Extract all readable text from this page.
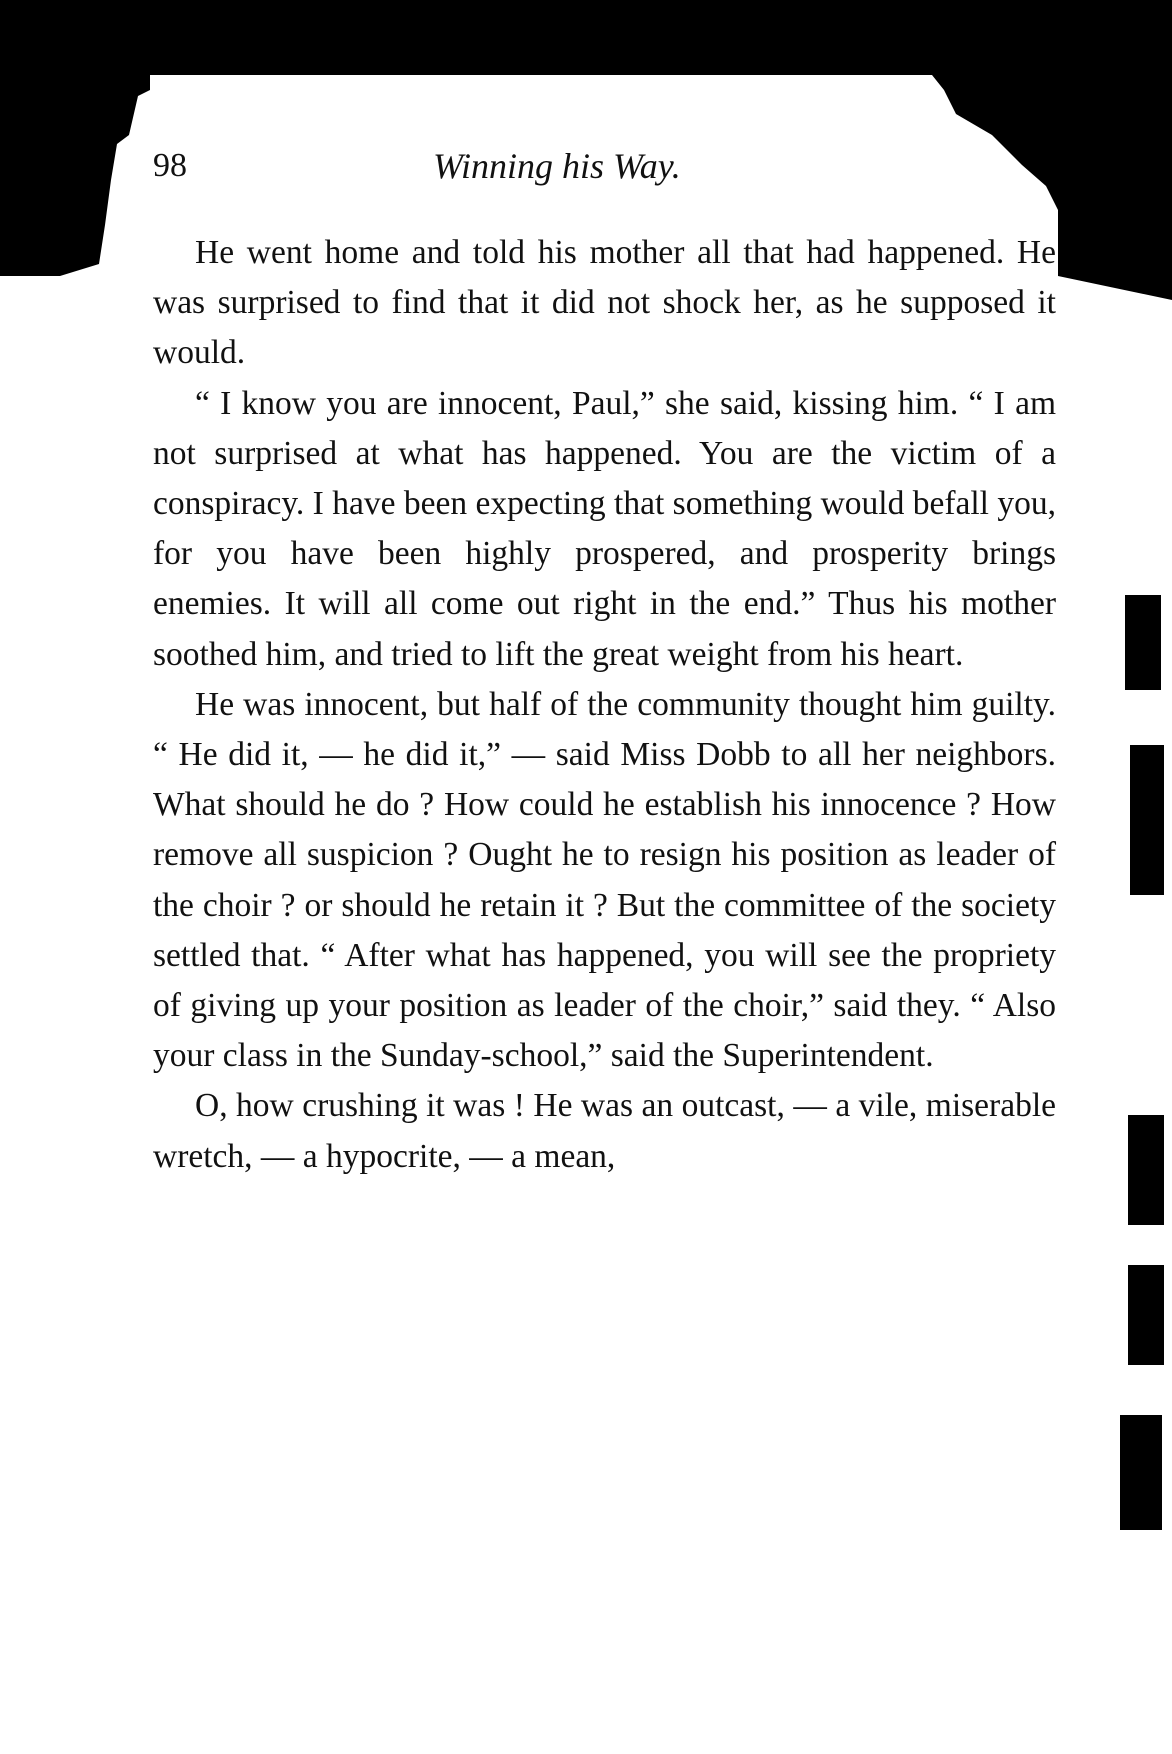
98	Winning his Way.

He went home and told his mother all that had happened. He was surprised to find that it did not shock her, as he supposed it would.

“ I know you are innocent, Paul,” she said, kissing him. “ I am not surprised at what has happened. You are the victim of a conspiracy. I have been expecting that something would befall you, for you have been highly prospered, and prosperity brings enemies. It will all come out right in the end.” Thus his mother soothed him, and tried to lift the great weight from his heart.

He was innocent, but half of the community thought him guilty. “ He did it, — he did it,” — said Miss Dobb to all her neighbors. What should he do ? How could he establish his innocence ? How remove all suspicion ? Ought he to resign his position as leader of the choir ? or should he retain it ? But the committee of the society settled that. “ After what has happened, you will see the propriety of giving up your position as leader of the choir,” said they. “ Also your class in the Sunday-school,” said the Superintendent.

O, how crushing it was ! He was an outcast, — a vile, miserable wretch, — a hypocrite, — a mean,
